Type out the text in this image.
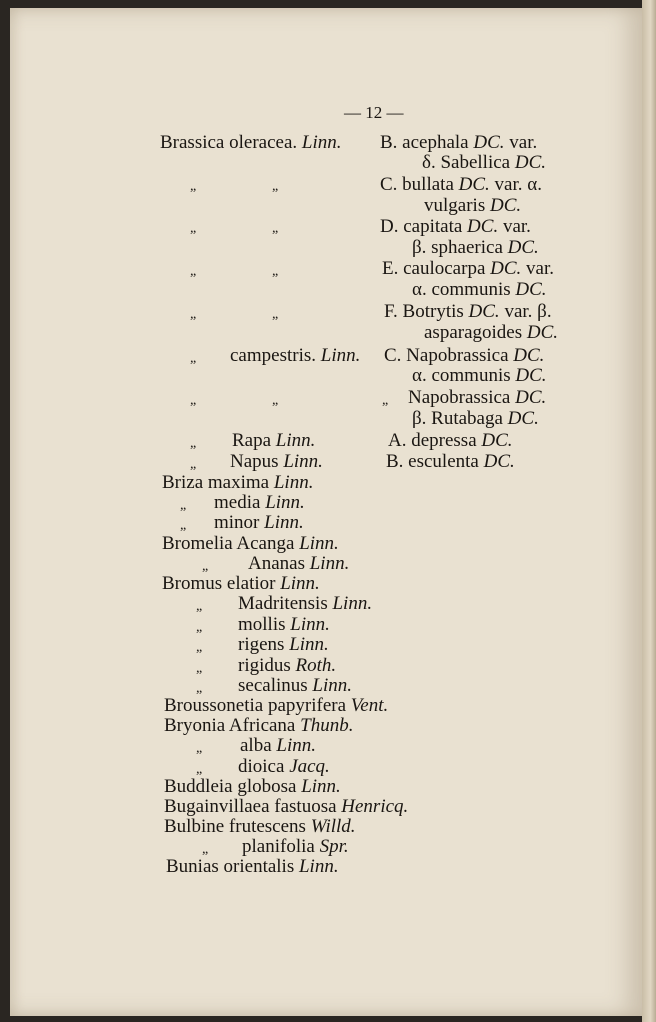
— 12 —
Brassica oleracea. Linn. B. acephala DC. var.
δ. Sabellica DC.
„	„	C. bullata DC. var. α.
vulgaris DC.
„	„	D. capitata DC. var.
β. sphaerica DC.
„	„	E. caulocarpa DC. var.
α. communis DC.
„	„	F. Botrytis DC. var. β.
asparagoides DC.
„ campestris. Linn. C. Napobrassica DC.
α. communis DC.
„	„	„ Napobrassica DC.
β. Rutabaga DC.
„ Rapa Linn.	A. depressa DC.
„ Napus Linn.	B. esculenta DC.
Briza maxima Linn.
„ media Linn.
„ minor Linn.
Bromelia Acanga Linn.
„ Ananas Linn.
Bromus elatior Linn.
„ Madritensis Linn.
„ mollis Linn.
„ rigens Linn.
„ rigidus Roth.
„ secalinus Linn.
Broussonetia papyrifera Vent.
Bryonia Africana Thunb.
„ alba Linn.
„ dioica Jacq.
Buddleia globosa Linn.
Bugainvillaea fastuosa Henricq.
Bulbine frutescens Willd.
„ planifolia Spr.
Bunias orientalis Linn.
